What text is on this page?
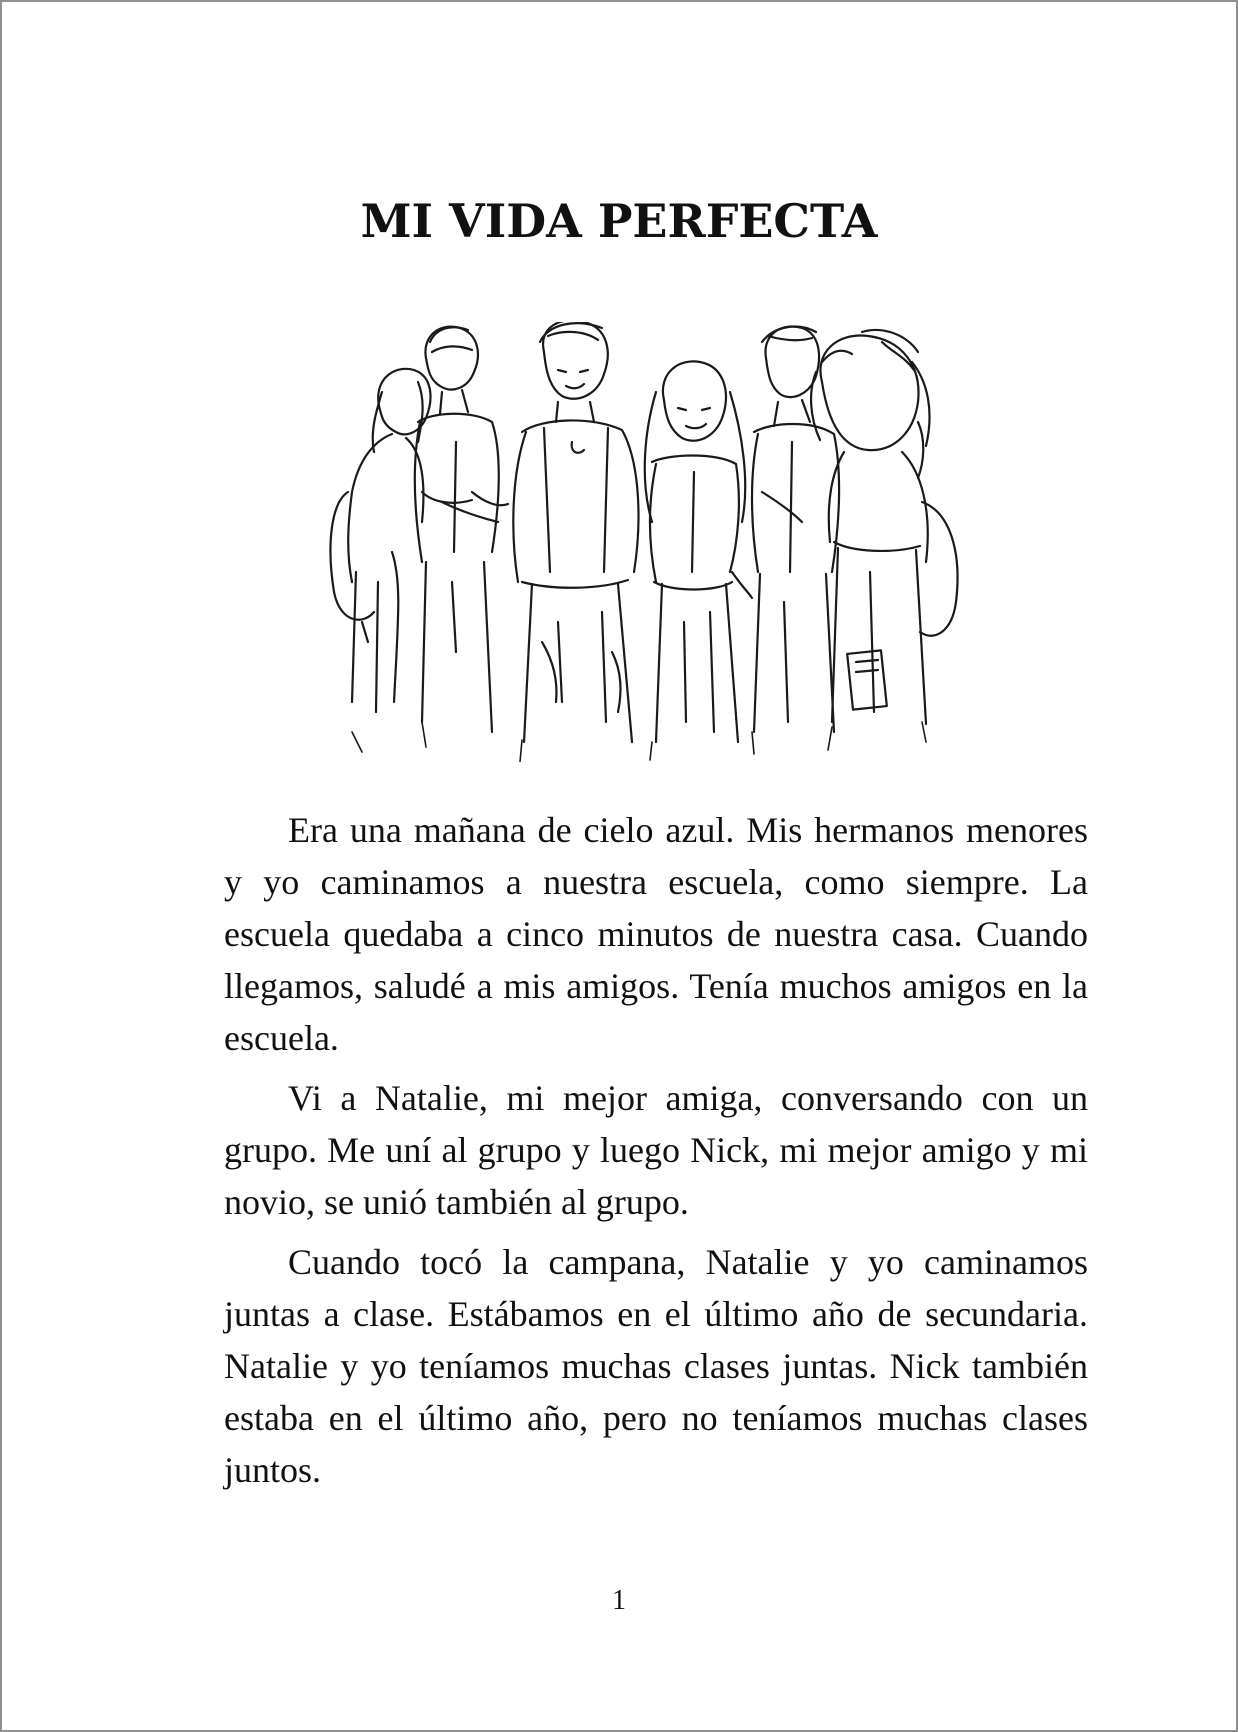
MI VIDA PERFECTA

Era una mañana de cielo azul. Mis hermanos menores y yo caminamos a nuestra escuela, como siempre. La escuela quedaba a cinco minutos de nuestra casa. Cuando llegamos, saludé a mis amigos. Tenía muchos amigos en la escuela.

Vi a Natalie, mi mejor amiga, conversando con un grupo. Me uní al grupo y luego Nick, mi mejor amigo y mi novio, se unió también al grupo.

Cuando tocó la campana, Natalie y yo caminamos juntas a clase. Estábamos en el último año de secundaria. Natalie y yo teníamos muchas clases juntas. Nick también estaba en el último año, pero no teníamos muchas clases juntos.

1
